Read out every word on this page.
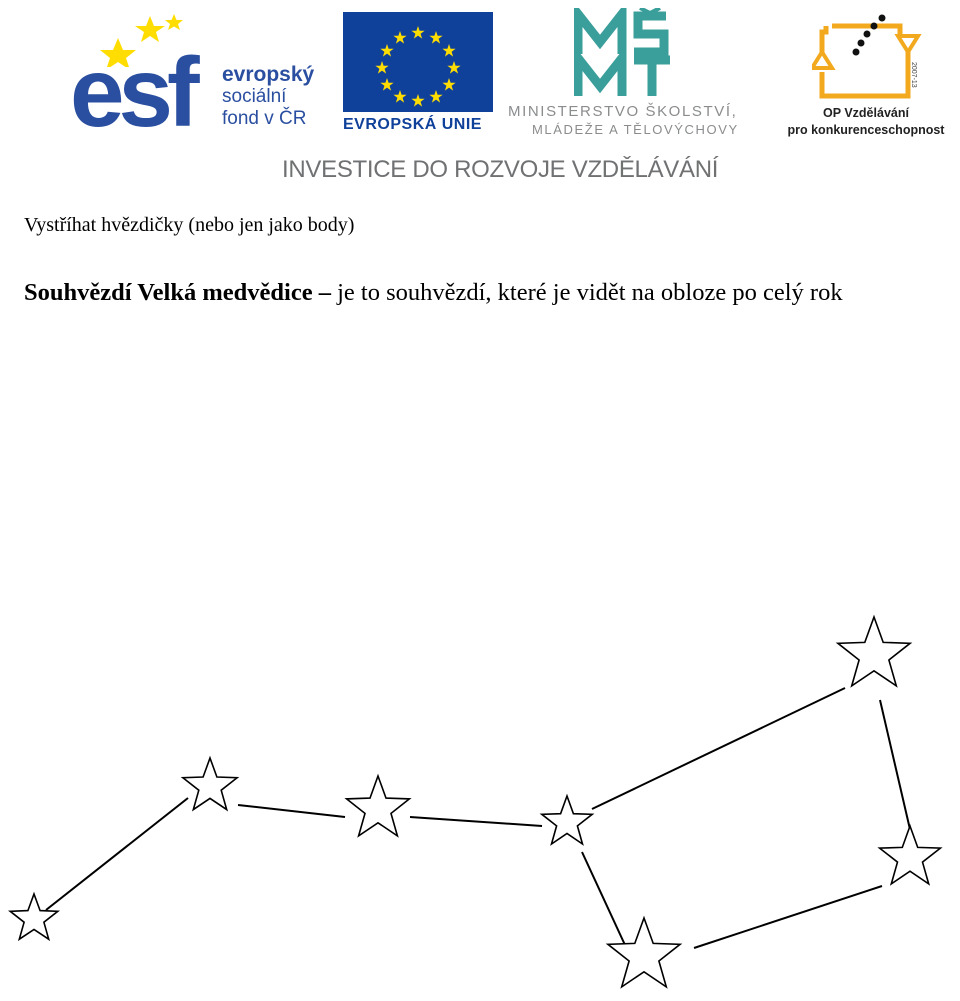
esf evropský
sociální
fond v ČR	EVROPSKÁ UNIE
MINISTERSTVO ŠKOLSTVÍ,
MLÁDEŽE A TĚLOVÝCHOVY
2007-13
OP Vzdělávání
pro konkurenceschopnost
INVESTICE DO ROZVOJE VZDĚLÁVÁNÍ
Vystříhat hvězdičky (nebo jen jako body)
Souhvězdí Velká medvědice – je to souhvězdí, které je vidět na obloze po celý rok
